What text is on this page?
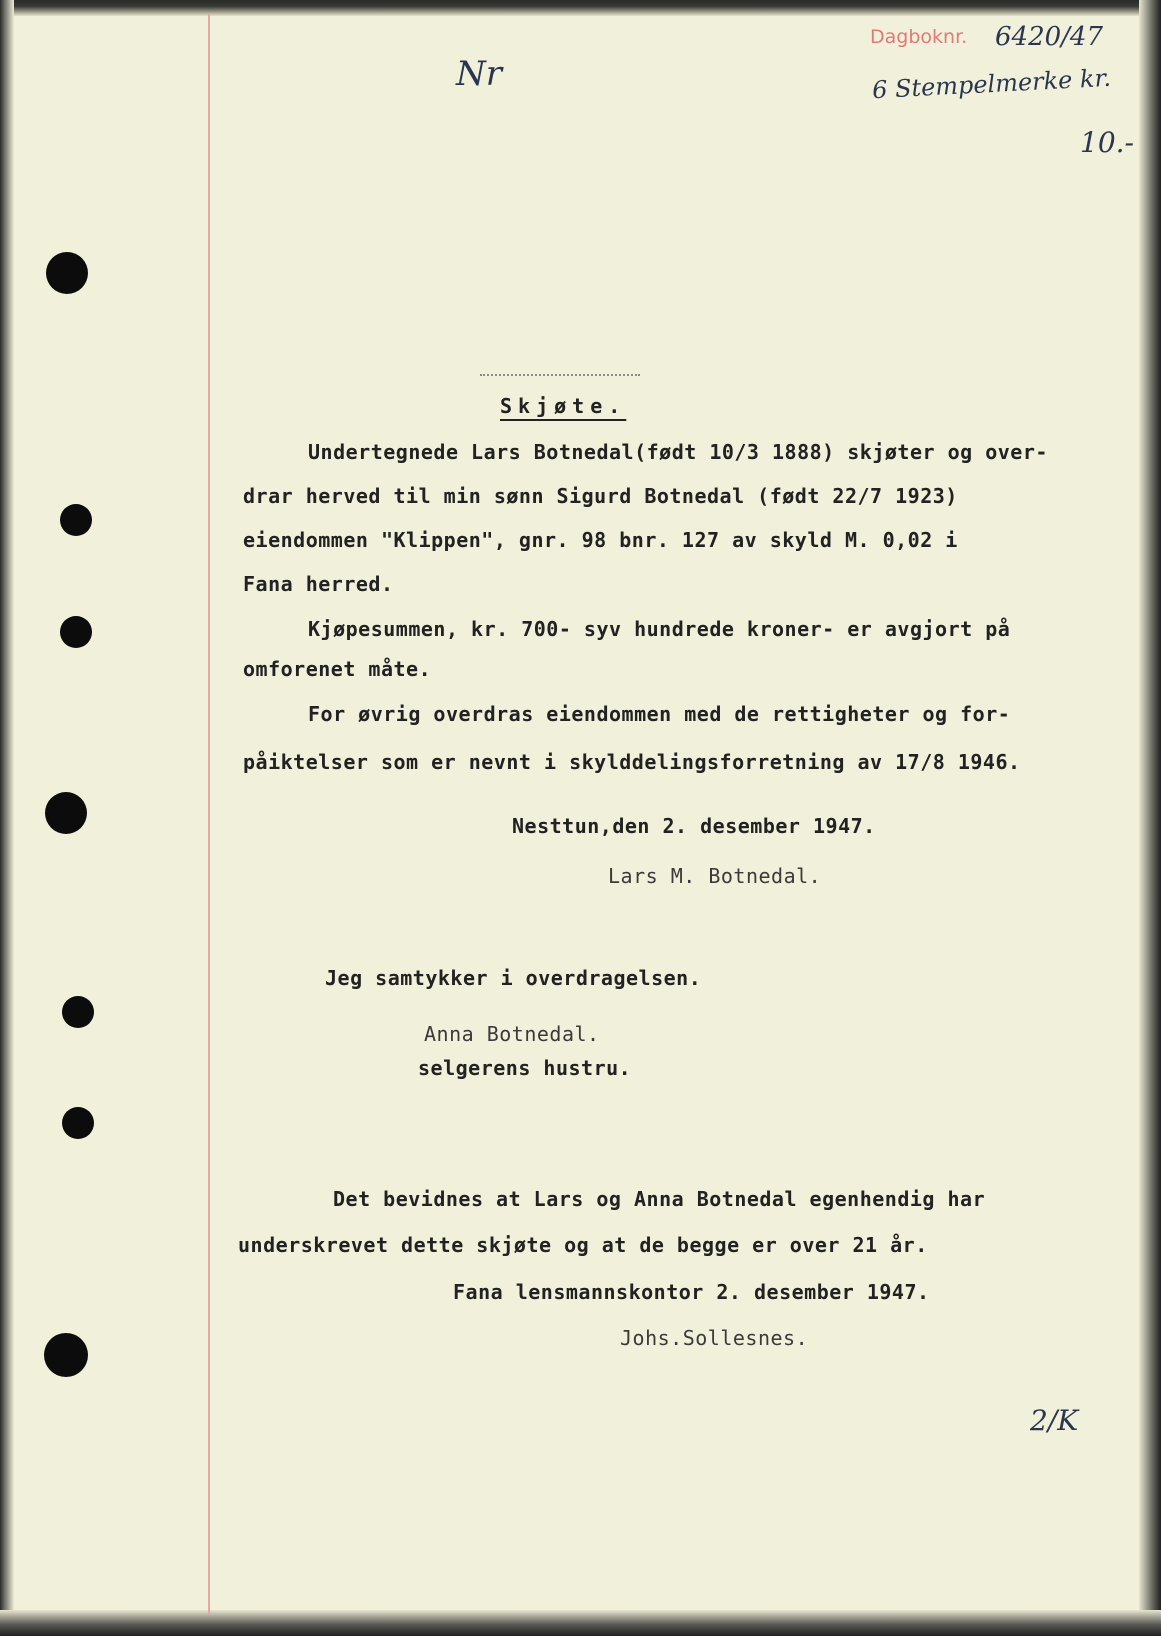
Dagboknr. 6420/47
6 Stempelmerke kr.
10.-
Nr
Skjøte.
Undertegnede Lars Botnedal(født 10/3 1888) skjøter og over-
drar herved til min sønn Sigurd Botnedal (født 22/7 1923)
eiendommen "Klippen", gnr. 98 bnr. 127 av skyld M. 0,02 i
Fana herred.
Kjøpesummen, kr. 700- syv hundrede kroner- er avgjort på
omforenet måte.
For øvrig overdras eiendommen med de rettigheter og for-
påiktelser som er nevnt i skylddelingsforretning av 17/8 1946.
Nesttun,den 2. desember 1947.
Lars M. Botnedal.
Jeg samtykker i overdragelsen.
Anna Botnedal.
selgerens hustru.
Det bevidnes at Lars og Anna Botnedal egenhendig har
underskrevet dette skjøte og at de begge er over 21 år.
Fana lensmannskontor 2. desember 1947.
Johs.Sollesnes.
2/K
